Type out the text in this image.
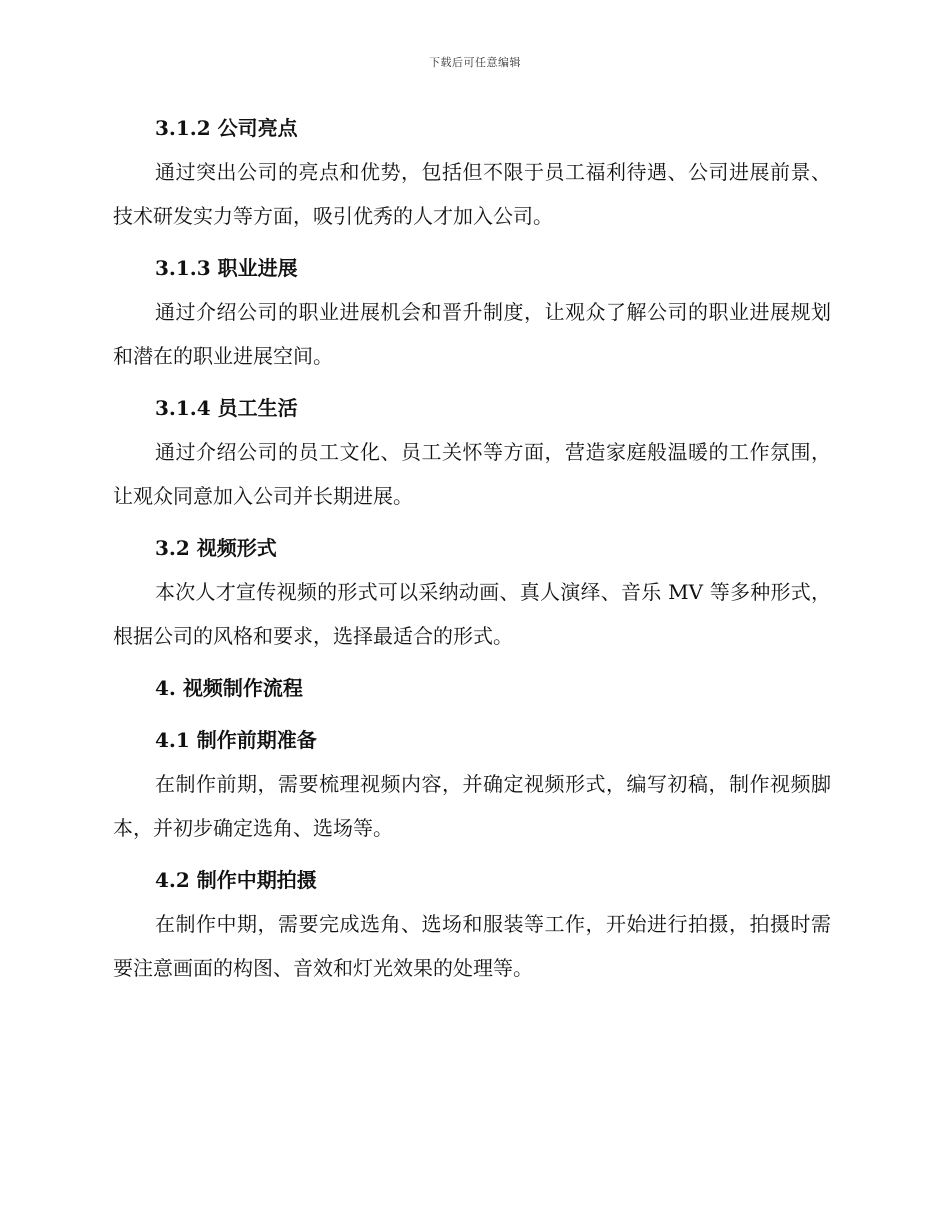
下载后可任意编辑
3.1.2 公司亮点

通过突出公司的亮点和优势，包括但不限于员工福利待遇、公司进展前景、技术研发实力等方面，吸引优秀的人才加入公司。

3.1.3 职业进展

通过介绍公司的职业进展机会和晋升制度，让观众了解公司的职业进展规划和潜在的职业进展空间。

3.1.4 员工生活

通过介绍公司的员工文化、员工关怀等方面，营造家庭般温暖的工作氛围，让观众同意加入公司并长期进展。

3.2 视频形式

本次人才宣传视频的形式可以采纳动画、真人演绎、音乐 MV 等多种形式，根据公司的风格和要求，选择最适合的形式。

4. 视频制作流程
4.1 制作前期准备

在制作前期，需要梳理视频内容，并确定视频形式，编写初稿，制作视频脚本，并初步确定选角、选场等。

4.2 制作中期拍摄

在制作中期，需要完成选角、选场和服装等工作，开始进行拍摄，拍摄时需要注意画面的构图、音效和灯光效果的处理等。
